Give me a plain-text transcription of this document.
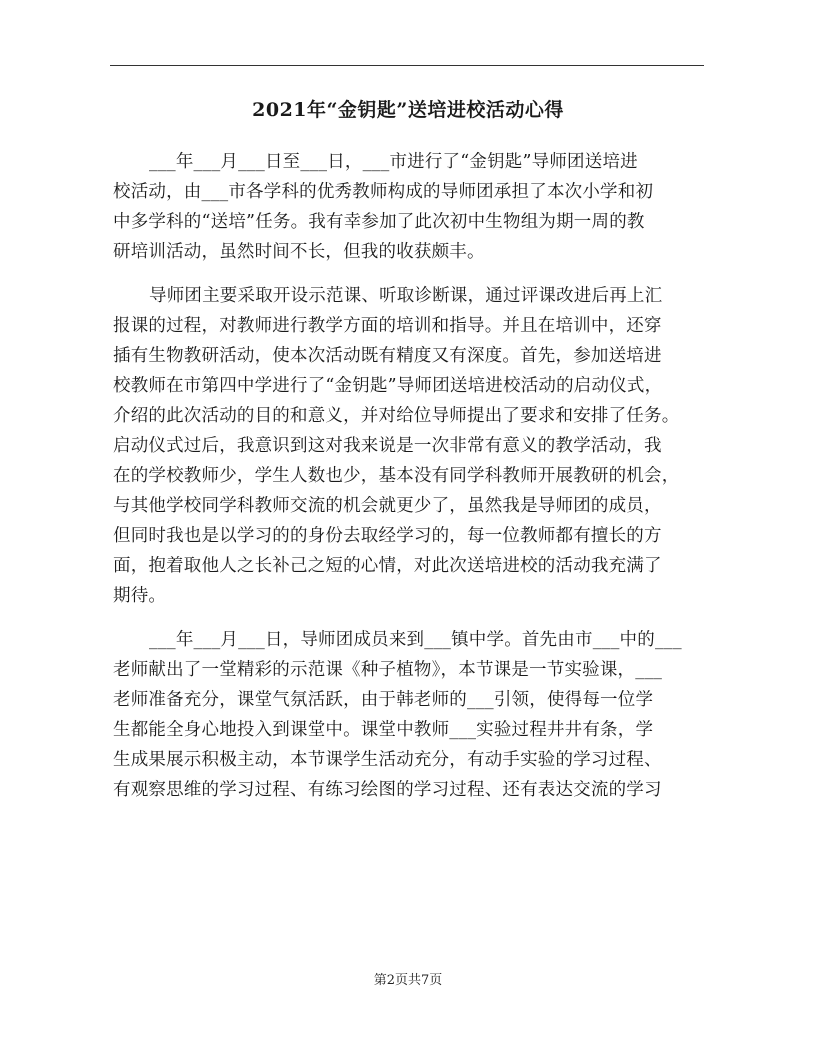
2021年“金钥匙”送培进校活动心得

___年___月___日至___日，___市进行了“金钥匙”导师团送培进
校活动，由___市各学科的优秀教师构成的导师团承担了本次小学和初
中多学科的“送培”任务。我有幸参加了此次初中生物组为期一周的教
研培训活动，虽然时间不长，但我的收获颇丰。

导师团主要采取开设示范课、听取诊断课，通过评课改进后再上汇
报课的过程，对教师进行教学方面的培训和指导。并且在培训中，还穿
插有生物教研活动，使本次活动既有精度又有深度。首先，参加送培进
校教师在市第四中学进行了“金钥匙”导师团送培进校活动的启动仪式，
介绍的此次活动的目的和意义，并对给位导师提出了要求和安排了任务。
启动仪式过后，我意识到这对我来说是一次非常有意义的教学活动，我
在的学校教师少，学生人数也少，基本没有同学科教师开展教研的机会，
与其他学校同学科教师交流的机会就更少了，虽然我是导师团的成员，
但同时我也是以学习的的身份去取经学习的，每一位教师都有擅长的方
面，抱着取他人之长补己之短的心情，对此次送培进校的活动我充满了
期待。

___年___月___日，导师团成员来到___镇中学。首先由市___中的___
老师献出了一堂精彩的示范课《种子植物》，本节课是一节实验课，___
老师准备充分，课堂气氛活跃，由于韩老师的___引领，使得每一位学
生都能全身心地投入到课堂中。课堂中教师___实验过程井井有条，学
生成果展示积极主动，本节课学生活动充分，有动手实验的学习过程、
有观察思维的学习过程、有练习绘图的学习过程、还有表达交流的学习

第2页共7页
